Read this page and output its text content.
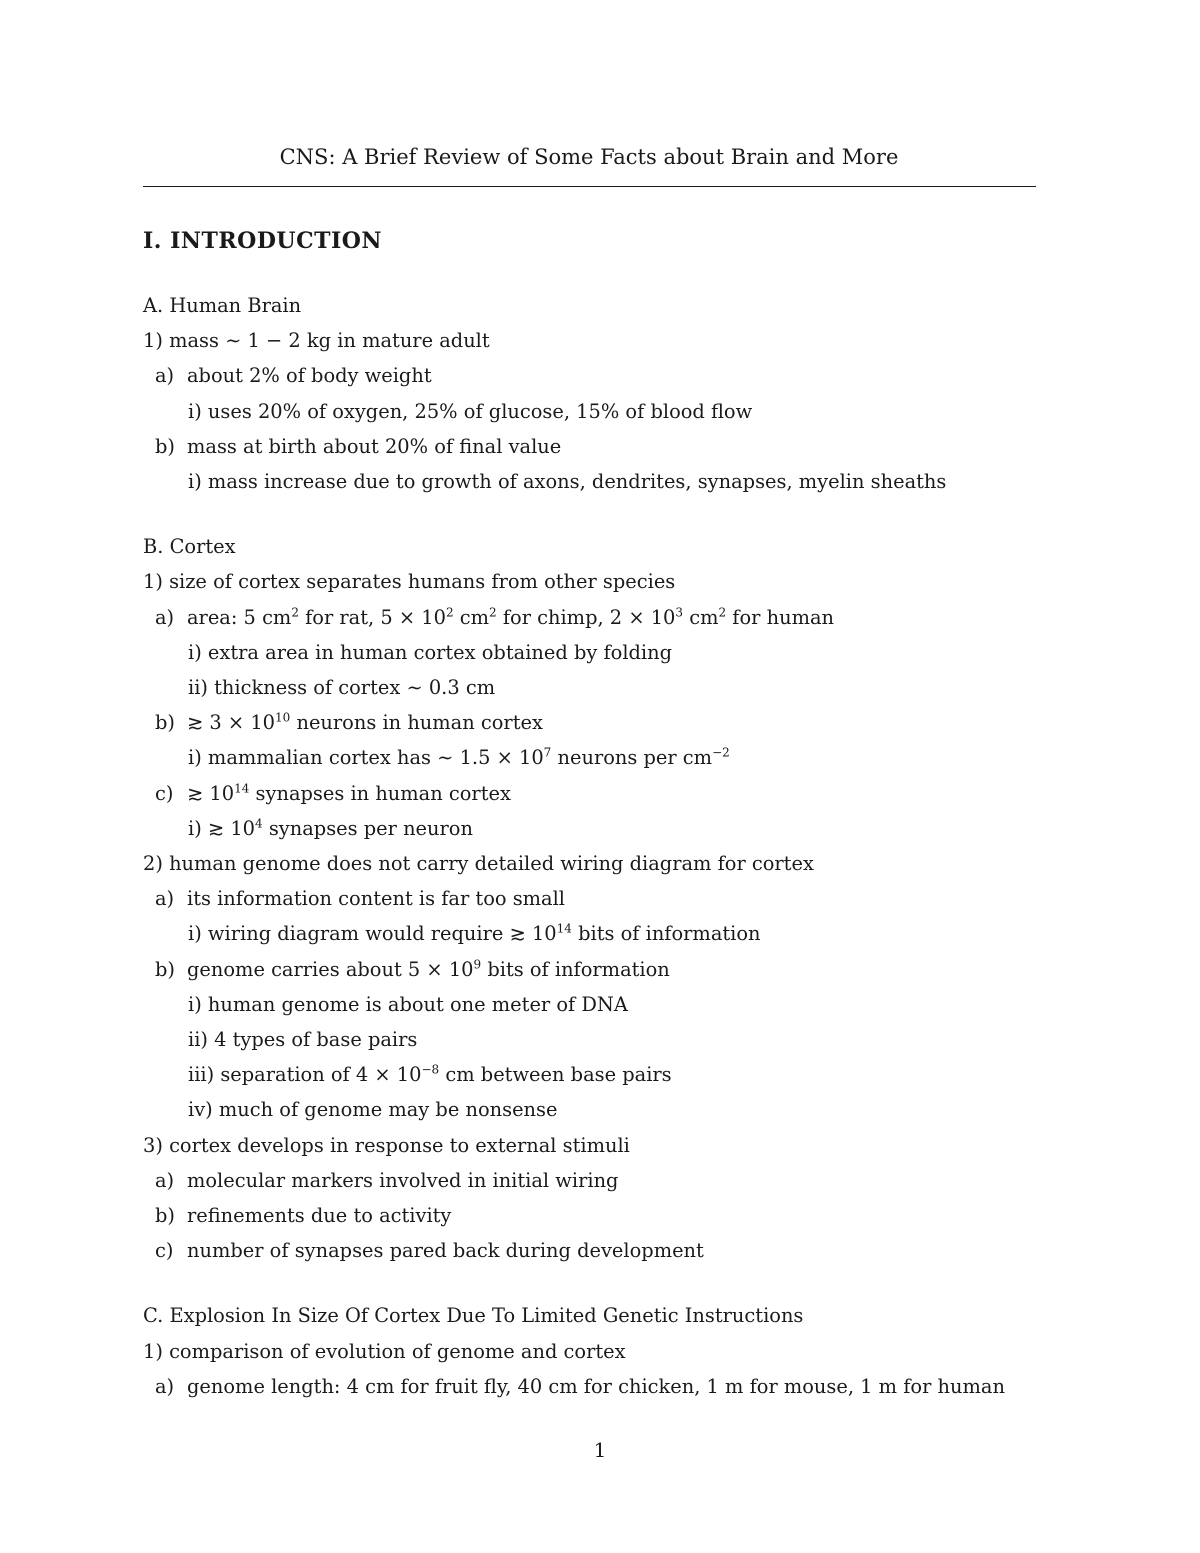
CNS: A Brief Review of Some Facts about Brain and More
I. INTRODUCTION
A. Human Brain
1) mass ∼ 1 − 2 kg in mature adult
a) about 2% of body weight
i) uses 20% of oxygen, 25% of glucose, 15% of blood flow
b) mass at birth about 20% of final value
i) mass increase due to growth of axons, dendrites, synapses, myelin sheaths
B. Cortex
1) size of cortex separates humans from other species
a) area: 5 $cm^2$ for rat, $5 \times 10^2$ $cm^2$ for chimp, $2 \times 10^3$ $cm^2$ for human
i) extra area in human cortex obtained by folding
ii) thickness of cortex ∼ 0.3 cm
b) ≳ $3 \times 10^{10}$ neurons in human cortex
i) mammalian cortex has ∼ $1.5 \times 10^7$ neurons per $cm^{-2}$
c) ≳ $10^{14}$ synapses in human cortex
i) ≳ $10^4$ synapses per neuron
2) human genome does not carry detailed wiring diagram for cortex
a) its information content is far too small
i) wiring diagram would require ≳ $10^{14}$ bits of information
b) genome carries about $5 \times 10^9$ bits of information
i) human genome is about one meter of DNA
ii) 4 types of base pairs
iii) separation of $4 \times 10^{-8}$ cm between base pairs
iv) much of genome may be nonsense
3) cortex develops in response to external stimuli
a) molecular markers involved in initial wiring
b) refinements due to activity
c) number of synapses pared back during development
C. Explosion In Size Of Cortex Due To Limited Genetic Instructions
1) comparison of evolution of genome and cortex
a) genome length: 4 cm for fruit fly, 40 cm for chicken, 1 m for mouse, 1 m for human
1
